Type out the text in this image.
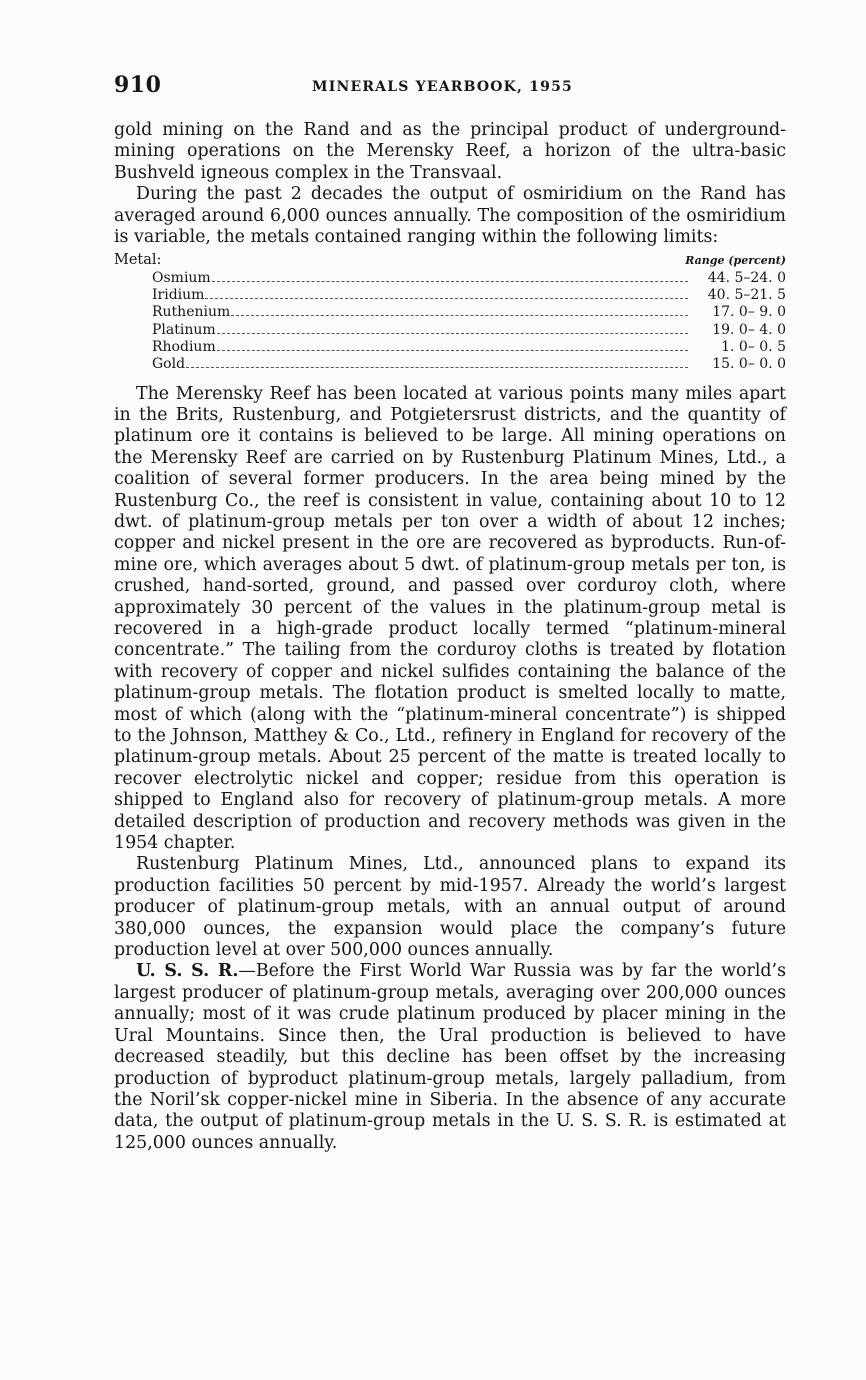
910	MINERALS YEARBOOK, 1955

gold mining on the Rand and as the principal product of underground-mining operations on the Merensky Reef, a horizon of the ultra-basic Bushveld igneous complex in the Transvaal.

During the past 2 decades the output of osmiridium on the Rand has averaged around 6,000 ounces annually. The composition of the osmiridium is variable, the metals contained ranging within the following limits:

Metal:	Range (percent)
Osmium	44. 5–24. 0
Iridium	40. 5–21. 5
Ruthenium	17. 0– 9. 0
Platinum	19. 0– 4. 0
Rhodium	1. 0– 0. 5
Gold	15. 0– 0. 0

The Merensky Reef has been located at various points many miles apart in the Brits, Rustenburg, and Potgietersrust districts, and the quantity of platinum ore it contains is believed to be large. All mining operations on the Merensky Reef are carried on by Rustenburg Platinum Mines, Ltd., a coalition of several former producers. In the area being mined by the Rustenburg Co., the reef is consistent in value, containing about 10 to 12 dwt. of platinum-group metals per ton over a width of about 12 inches; copper and nickel present in the ore are recovered as byproducts. Run-of-mine ore, which averages about 5 dwt. of platinum-group metals per ton, is crushed, hand-sorted, ground, and passed over corduroy cloth, where approximately 30 percent of the values in the platinum-group metal is recovered in a high-grade product locally termed “platinum-mineral concentrate.” The tailing from the corduroy cloths is treated by flotation with recovery of copper and nickel sulfides containing the balance of the platinum-group metals. The flotation product is smelted locally to matte, most of which (along with the “platinum-mineral concentrate”) is shipped to the Johnson, Matthey & Co., Ltd., refinery in England for recovery of the platinum-group metals. About 25 percent of the matte is treated locally to recover electrolytic nickel and copper; residue from this operation is shipped to England also for recovery of platinum-group metals. A more detailed description of production and recovery methods was given in the 1954 chapter.

Rustenburg Platinum Mines, Ltd., announced plans to expand its production facilities 50 percent by mid-1957. Already the world’s largest producer of platinum-group metals, with an annual output of around 380,000 ounces, the expansion would place the company’s future production level at over 500,000 ounces annually.

U. S. S. R.—Before the First World War Russia was by far the world’s largest producer of platinum-group metals, averaging over 200,000 ounces annually; most of it was crude platinum produced by placer mining in the Ural Mountains. Since then, the Ural production is believed to have decreased steadily, but this decline has been offset by the increasing production of byproduct platinum-group metals, largely palladium, from the Noril’sk copper-nickel mine in Siberia. In the absence of any accurate data, the output of platinum-group metals in the U. S. S. R. is estimated at 125,000 ounces annually.
